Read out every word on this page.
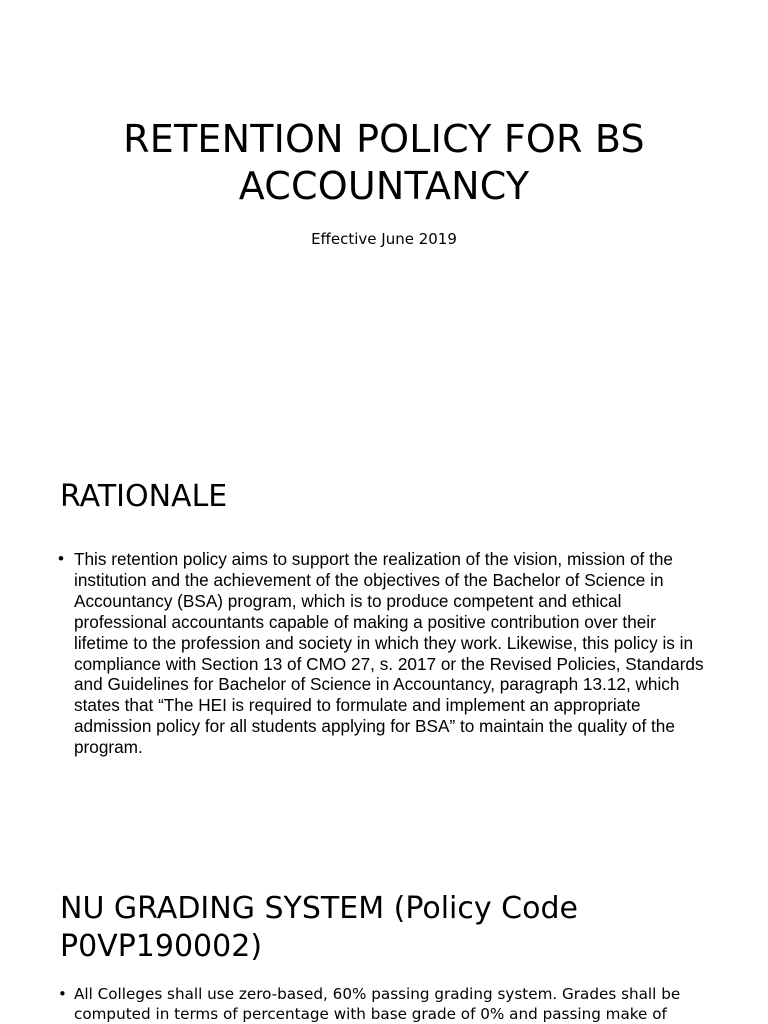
RETENTION POLICY FOR BS ACCOUNTANCY

Effective June 2019

RATIONALE
• This retention policy aims to support the realization of the vision, mission of the institution and the achievement of the objectives of the Bachelor of Science in Accountancy (BSA) program, which is to produce competent and ethical professional accountants capable of making a positive contribution over their lifetime to the profession and society in which they work. Likewise, this policy is in compliance with Section 13 of CMO 27, s. 2017 or the Revised Policies, Standards and Guidelines for Bachelor of Science in Accountancy, paragraph 13.12, which states that “The HEI is required to formulate and implement an appropriate admission policy for all students applying for BSA” to maintain the quality of the program.
NU GRADING SYSTEM (Policy Code P0VP190002)
• All Colleges shall use zero-based, 60% passing grading system. Grades shall be computed in terms of percentage with base grade of 0% and passing make of
